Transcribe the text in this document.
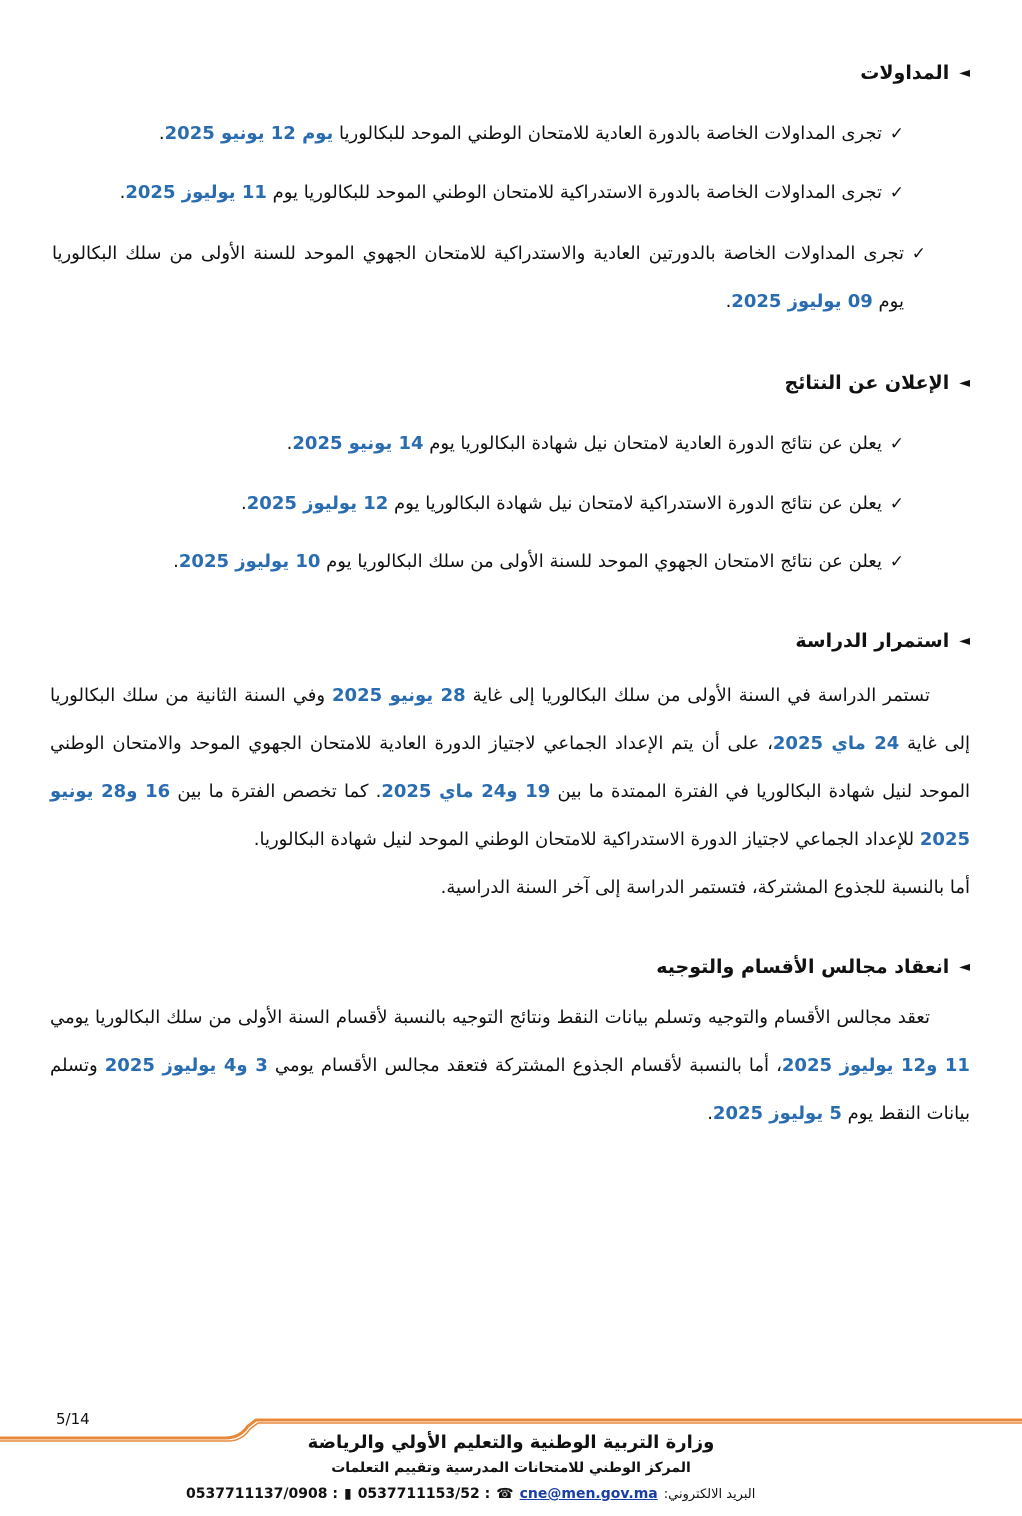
◄
المداولات
✓تجرى المداولات الخاصة بالدورة العادية للامتحان الوطني الموحد للبكالوريا يوم 12 يونيو 2025.
✓تجرى المداولات الخاصة بالدورة الاستدراكية للامتحان الوطني الموحد للبكالوريا يوم 11 يوليوز 2025.
✓
تجرى المداولات الخاصة بالدورتين العادية والاستدراكية للامتحان الجهوي الموحد للسنة الأولى من سلك البكالوريا يوم 09 يوليوز 2025.
◄
الإعلان عن النتائج
✓يعلن عن نتائج الدورة العادية لامتحان نيل شهادة البكالوريا يوم 14 يونيو 2025.
✓يعلن عن نتائج الدورة الاستدراكية لامتحان نيل شهادة البكالوريا يوم 12 يوليوز 2025.
✓يعلن عن نتائج الامتحان الجهوي الموحد للسنة الأولى من سلك البكالوريا يوم 10 يوليوز 2025.
◄
استمرار الدراسة

تستمر الدراسة في السنة الأولى من سلك البكالوريا إلى غاية 28 يونيو 2025 وفي السنة الثانية من سلك البكالوريا إلى غاية 24 ماي 2025، على أن يتم الإعداد الجماعي لاجتياز الدورة العادية للامتحان الجهوي الموحد والامتحان الوطني الموحد لنيل شهادة البكالوريا في الفترة الممتدة ما بين 19 و24 ماي 2025. كما تخصص الفترة ما بين 16 و28 يونيو 2025 للإعداد الجماعي لاجتياز الدورة الاستدراكية للامتحان الوطني الموحد لنيل شهادة البكالوريا.

أما بالنسبة للجذوع المشتركة، فتستمر الدراسة إلى آخر السنة الدراسية.

◄
انعقاد مجالس الأقسام والتوجيه

تعقد مجالس الأقسام والتوجيه وتسلم بيانات النقط ونتائج التوجيه بالنسبة لأقسام السنة الأولى من سلك البكالوريا يومي 11 و12 يوليوز 2025، أما بالنسبة لأقسام الجذوع المشتركة فتعقد مجالس الأقسام يومي 3 و4 يوليوز 2025 وتسلم بيانات النقط يوم 5 يوليوز 2025.

5/14
وزارة التربية الوطنية والتعليم الأولي والرياضة
المركز الوطني للامتحانات المدرسية وتقييم التعلمات
0537711137/0908 : ▮ 0537711153/52 : ☎ cne@men.gov.ma البريد الالكتروني:
